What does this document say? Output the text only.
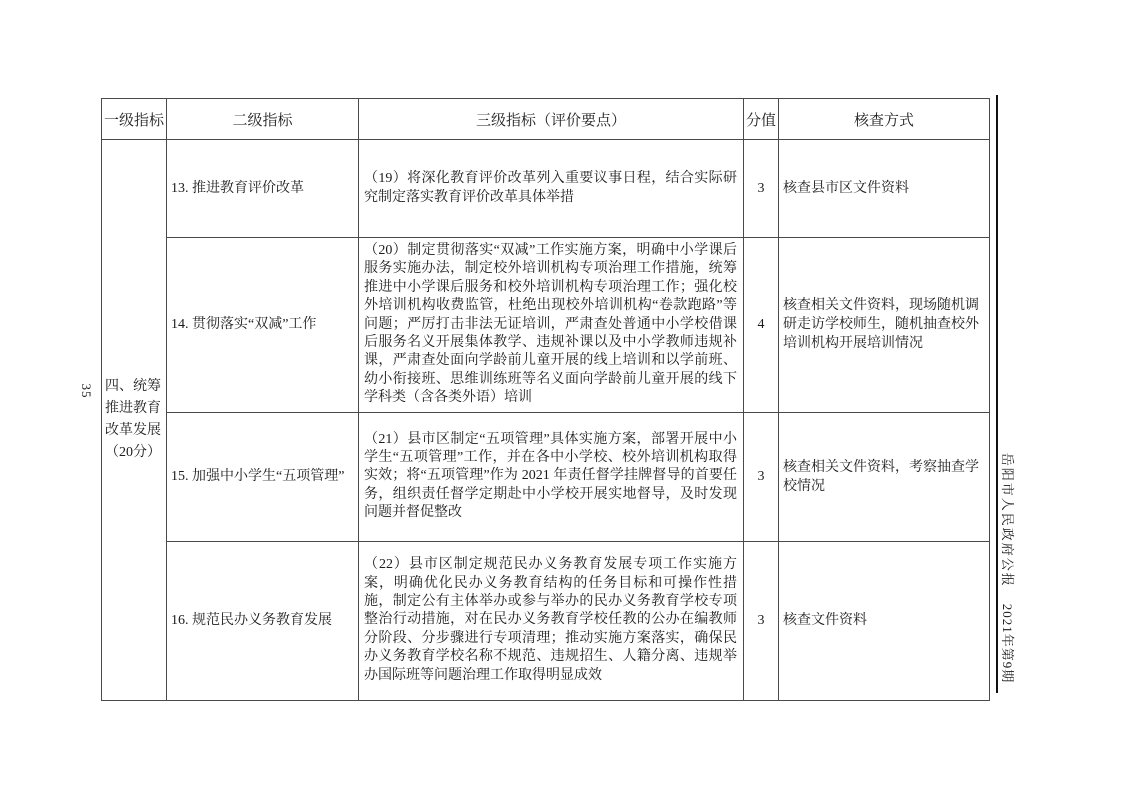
35
一级指标	二级指标	三级指标（评价要点）	分值	核查方式
四、统筹推进教育改革发展（20分）	13. 推进教育评价改革	（19）将深化教育评价改革列入重要议事日程，结合实际研究制定落实教育评价改革具体举措	3	核查县市区文件资料
	14. 贯彻落实“双减”工作	（20）制定贯彻落实“双减”工作实施方案，明确中小学课后服务实施办法，制定校外培训机构专项治理工作措施，统筹推进中小学课后服务和校外培训机构专项治理工作；强化校外培训机构收费监管，杜绝出现校外培训机构“卷款跑路”等问题；严厉打击非法无证培训，严肃查处普通中小学校借课后服务名义开展集体教学、违规补课以及中小学教师违规补课，严肃查处面向学龄前儿童开展的线上培训和以学前班、幼小衔接班、思维训练班等名义面向学龄前儿童开展的线下学科类（含各类外语）培训	4	核查相关文件资料，现场随机调研走访学校师生，随机抽查校外培训机构开展培训情况
	15. 加强中小学生“五项管理”	（21）县市区制定“五项管理”具体实施方案，部署开展中小学生“五项管理”工作，并在各中小学校、校外培训机构取得实效；将“五项管理”作为 2021 年责任督学挂牌督导的首要任务，组织责任督学定期赴中小学校开展实地督导，及时发现问题并督促整改	3	核查相关文件资料，考察抽查学校情况
	16. 规范民办义务教育发展	（22）县市区制定规范民办义务教育发展专项工作实施方案，明确优化民办义务教育结构的任务目标和可操作性措施，制定公有主体举办或参与举办的民办义务教育学校专项整治行动措施，对在民办义务教育学校任教的公办在编教师分阶段、分步骤进行专项清理；推动实施方案落实，确保民办义务教育学校名称不规范、违规招生、人籍分离、违规举办国际班等问题治理工作取得明显成效	3	核查文件资料
岳阳市人民政府公报
2021年第9期
